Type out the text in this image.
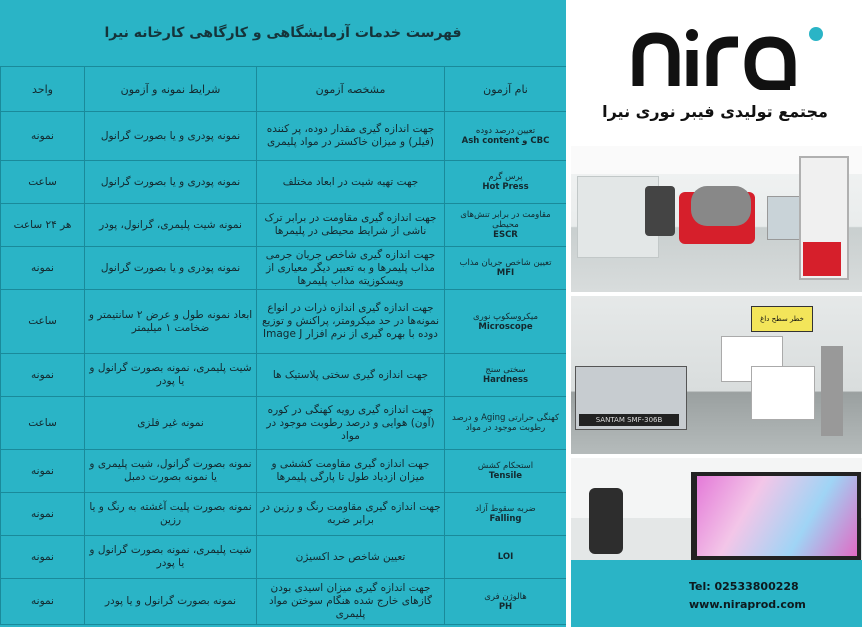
فهرست خدمات آزمایشگاهی و کارگاهی کارخانه نیرا
نام آزمون	مشخصه آزمون	شرایط نمونه و آزمون	واحد
تعیین درصد دوده
CBC و Ash content	جهت اندازه گیری مقدار دوده، پر کننده (فیلر) و میزان خاکستر در مواد پلیمری	نمونه پودری و یا بصورت گرانول	نمونه
پرس گرم
Hot Press	جهت تهیه شیت در ابعاد مختلف	نمونه پودری و یا بصورت گرانول	ساعت
مقاومت در برابر تنش‌های محیطی
ESCR	جهت اندازه گیری مقاومت در برابر ترک ناشی از شرایط محیطی در پلیمرها	نمونه شیت پلیمری، گرانول، پودر	هر ۲۴ ساعت
تعیین شاخص جریان مذاب
MFI	جهت اندازه گیری شاخص جریان جرمی مذاب پلیمرها و به تعبیر دیگر معیاری از ویسکوزیته مذاب پلیمرها	نمونه پودری و یا بصورت گرانول	نمونه
میکروسکوپ نوری
Microscope	جهت اندازه گیری اندازه ذرات در انواع نمونه‌ها در حد میکرومتر، پراکنش و توزیع دوده با بهره گیری از نرم افزار Image J	ابعاد نمونه طول و عرض ۲ سانتیمتر و ضخامت ۱ میلیمتر	ساعت
سختی سنج
Hardness	جهت اندازه گیری سختی پلاستیک ها	شیت پلیمری، نمونه بصورت گرانول و یا پودر	نمونه
کهنگی حرارتی Aging و درصد رطوبت موجود در مواد	جهت اندازه گیری رویه کهنگی در کوره (آون) هوایی و درصد رطوبت موجود در مواد	نمونه غیر فلزی	ساعت
استحکام کشش
Tensile	جهت اندازه گیری مقاومت کششی و میزان ازدیاد طول تا پارگی پلیمرها	نمونه بصورت گرانول، شیت پلیمری و یا نمونه بصورت دمبل	نمونه
ضربه سقوط آزاد
Falling	جهت اندازه گیری مقاومت رنگ و رزین در برابر ضربه	نمونه بصورت پلیت آغشته به رنگ و یا رزین	نمونه

LOI	تعیین شاخص حد اکسیژن	شیت پلیمری، نمونه بصورت گرانول و یا پودر	نمونه
هالوژن فری
PH	جهت اندازه گیری میزان اسیدی بودن گازهای خارج شده هنگام سوختن مواد پلیمری	نمونه بصورت گرانول و یا پودر	نمونه
مجتمع تولیدی فیبر نوری نیرا
خطر سطح داغ
SANTAM SMF-306B
Tel: 02533800228
www.niraprod.com
